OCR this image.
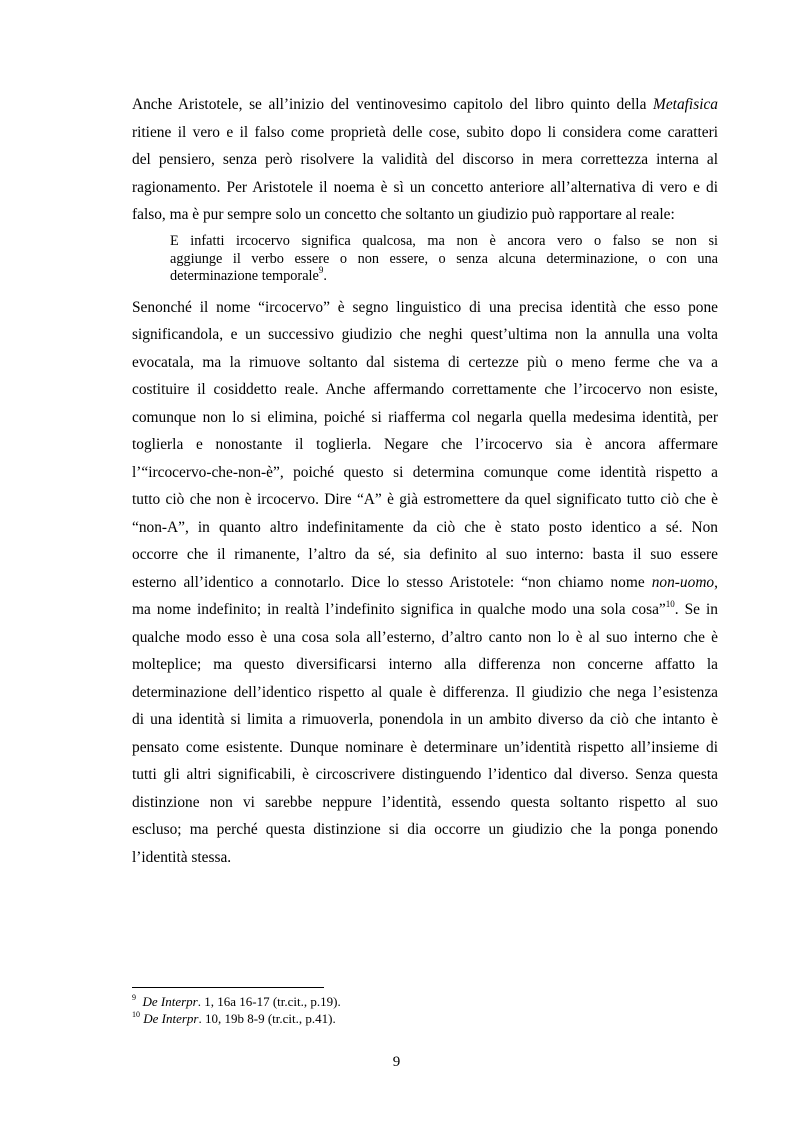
Anche Aristotele, se all’inizio del ventinovesimo capitolo del libro quinto della Metafisica
ritiene il vero e il falso come proprietà delle cose, subito dopo li considera come caratteri
del pensiero, senza però risolvere la validità del discorso in mera correttezza interna al
ragionamento. Per Aristotele il noema è sì un concetto anteriore all’alternativa di vero e di
falso, ma è pur sempre solo un concetto che soltanto un giudizio può rapportare al reale:
E infatti ircocervo significa qualcosa, ma non è ancora vero o falso se non si
aggiunge il verbo essere o non essere, o senza alcuna determinazione, o con una
determinazione temporale$^9$.
Senonché il nome “ircocervo” è segno linguistico di una precisa identità che esso pone
significandola, e un successivo giudizio che neghi quest’ultima non la annulla una volta
evocatala, ma la rimuove soltanto dal sistema di certezze più o meno ferme che va a
costituire il cosiddetto reale. Anche affermando correttamente che l’ircocervo non esiste,
comunque non lo si elimina, poiché si riafferma col negarla quella medesima identità, per
toglierla e nonostante il toglierla. Negare che l’ircocervo sia è ancora affermare
l’“ircocervo-che-non-è”, poiché questo si determina comunque come identità rispetto a
tutto ciò che non è ircocervo. Dire “A” è già estromettere da quel significato tutto ciò che è
“non-A”, in quanto altro indefinitamente da ciò che è stato posto identico a sé. Non
occorre che il rimanente, l’altro da sé, sia definito al suo interno: basta il suo essere
esterno all’identico a connotarlo. Dice lo stesso Aristotele: “non chiamo nome non-uomo,
ma nome indefinito; in realtà l’indefinito significa in qualche modo una sola cosa”$^{10}$. Se in
qualche modo esso è una cosa sola all’esterno, d’altro canto non lo è al suo interno che è
molteplice; ma questo diversificarsi interno alla differenza non concerne affatto la
determinazione dell’identico rispetto al quale è differenza. Il giudizio che nega l’esistenza
di una identità si limita a rimuoverla, ponendola in un ambito diverso da ciò che intanto è
pensato come esistente. Dunque nominare è determinare un’identità rispetto all’insieme di
tutti gli altri significabili, è circoscrivere distinguendo l’identico dal diverso. Senza questa
distinzione non vi sarebbe neppure l’identità, essendo questa soltanto rispetto al suo
escluso; ma perché questa distinzione si dia occorre un giudizio che la ponga ponendo
l’identità stessa.
$^9$ De Interpr. 1, 16a 16-17 (tr.cit., p.19).
$^{10}$ De Interpr. 10, 19b 8-9 (tr.cit., p.41).
9
